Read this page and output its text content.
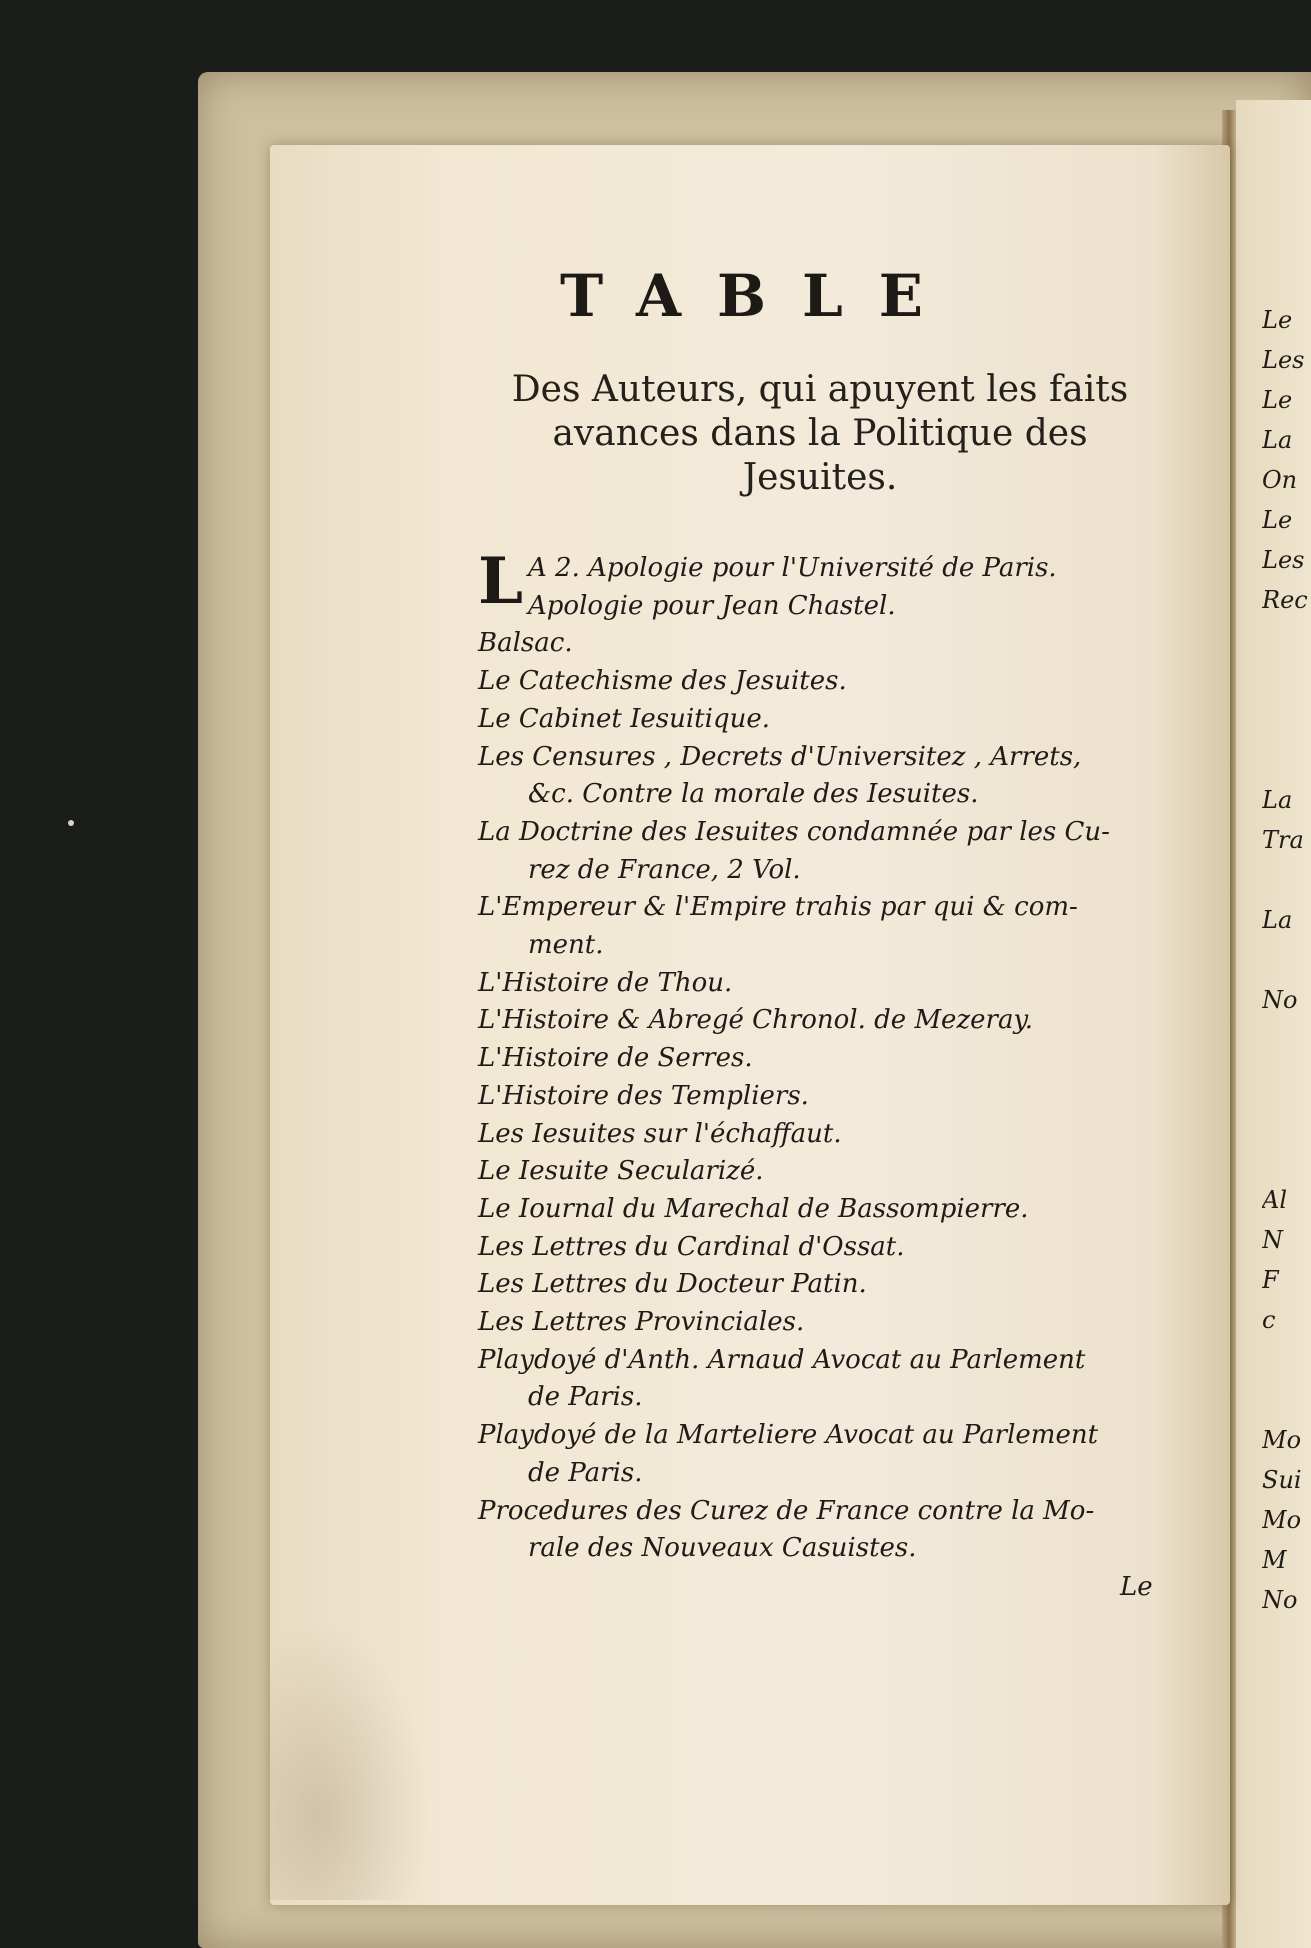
TABLE
Des Auteurs, qui apuyent les faits
avances dans la Politique des
Jesuites.
L A 2. Apologie pour l'Université de Paris.
Apologie pour Jean Chastel.
Balsac.
Le Catechisme des Jesuites.
Le Cabinet Iesuitique.
Les Censures , Decrets d'Universitez , Arrets,
&c. Contre la morale des Iesuites.
La Doctrine des Iesuites condamnée par les Cu-
rez de France, 2 Vol.
L'Empereur & l'Empire trahis par qui & com-
ment.
L'Histoire de Thou.
L'Histoire & Abregé Chronol. de Mezeray.
L'Histoire de Serres.
L'Histoire des Templiers.
Les Iesuites sur l'échaffaut.
Le Iesuite Secularizé.
Le Iournal du Marechal de Bassompierre.
Les Lettres du Cardinal d'Ossat.
Les Lettres du Docteur Patin.
Les Lettres Provinciales.
Playdoyé d'Anth. Arnaud Avocat au Parlement
de Paris.
Playdoyé de la Marteliere Avocat au Parlement
de Paris.
Procedures des Curez de France contre la Mo-
rale des Nouveaux Casuistes.
Le
Le
Les
Le
La
On
Le
Les
Rec

La
Tra

La

No

Al
N
F
c

Mo
Sui
Mo
M
No
